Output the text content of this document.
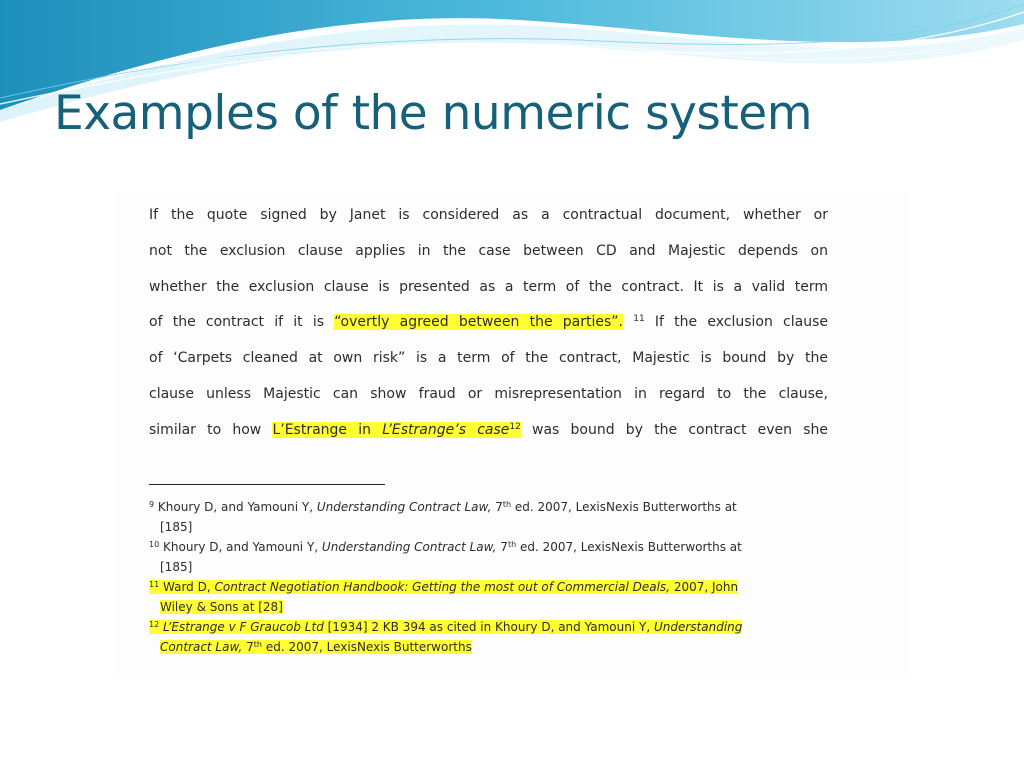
Examples of the numeric system
If the quote signed by Janet is considered as a contractual document, whether or
not the exclusion clause applies in the case between CD and Majestic depends on
whether the exclusion clause is presented as a term of the contract. It is a valid term
of the contract if it is “overtly agreed between the parties”. $^{11}$ If the exclusion clause
of ‘Carpets cleaned at own risk” is a term of the contract, Majestic is bound by the
clause unless Majestic can show fraud or misrepresentation in regard to the clause,
similar to how L’Estrange in L’Estrange’s case$^{12}$ was bound by the contract even she
$^9$ Khoury D, and Yamouni Y, Understanding Contract Law, 7th ed. 2007, LexisNexis Butterworths at
[185]
$^{10}$ Khoury D, and Yamouni Y, Understanding Contract Law, 7th ed. 2007, LexisNexis Butterworths at
[185]
$^{11}$ Ward D, Contract Negotiation Handbook: Getting the most out of Commercial Deals, 2007, John
Wiley & Sons at [28]
$^{12}$ L’Estrange v F Graucob Ltd [1934] 2 KB 394 as cited in Khoury D, and Yamouni Y, Understanding
Contract Law, 7th ed. 2007, LexisNexis Butterworths
